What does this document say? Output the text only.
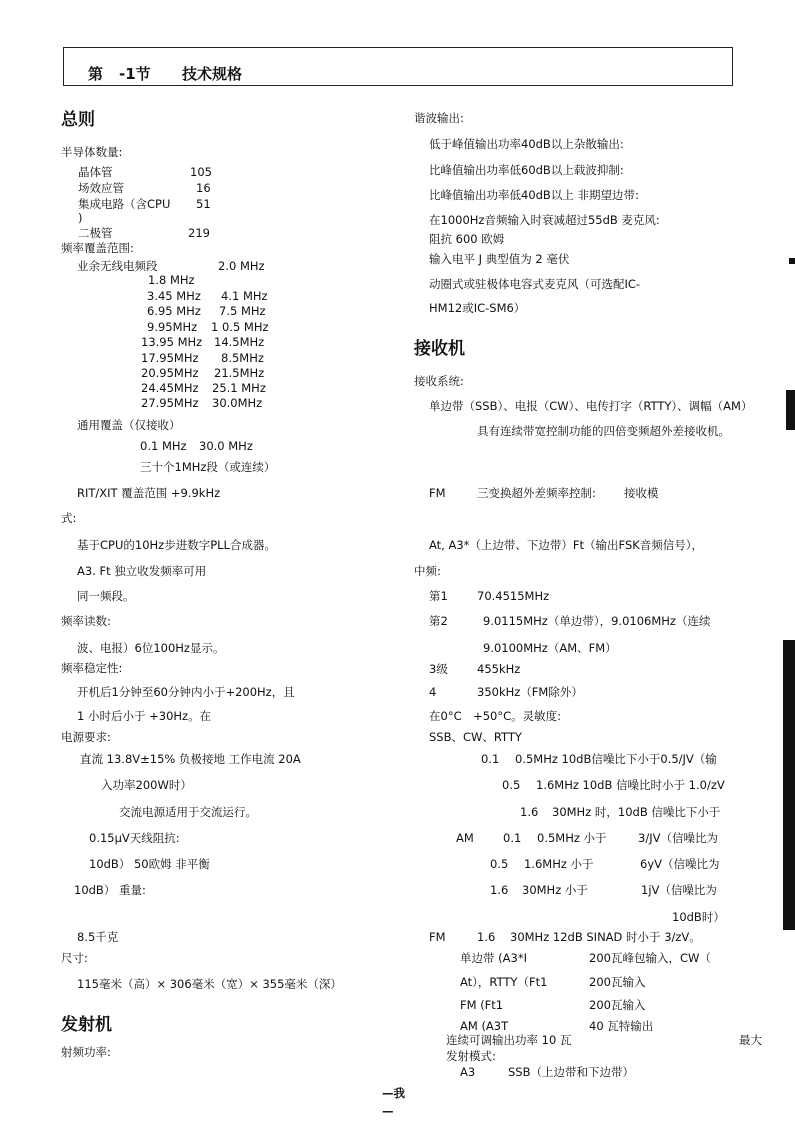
第 -1节 技术规格
总则
半导体数量:
晶体管	105
场效应管	16
集成电路（含CPU 51
)
二极管	219
频率覆盖范围:
业余无线电频段	2.0 MHz
1.8 MHz
3.45 MHz 4.1 MHz
6.95 MHz 7.5 MHz
9.95MHz 1 0.5 MHz
13.95 MHz 14.5MHz
17.95MHz 8.5MHz
20.95MHz 21.5MHz
24.45MHz 25.1 MHz
27.95MHz 30.0MHz
通用覆盖（仅接收）
0.1 MHz 30.0 MHz
三十个1MHz段（或连续）
RIT/XIT 覆盖范围 +9.9kHz
式:
基于CPU的10Hz步进数字PLL合成器。
A3. Ft 独立收发频率可用
同一频段。
频率读数:
波、电报）6位100Hz显示。
频率稳定性:
开机后1分钟至60分钟内小于+200Hz，且
1 小时后小于 +30Hz。在
电源要求:
直流 13.8V±15% 负极接地 工作电流 20A
入功率200W时）
交流电源适用于交流运行。
0.15μV天线阻抗:
10dB） 50欧姆 非平衡
10dB） 重量:
8.5千克
尺寸:
115毫米（高）× 306毫米（宽）× 355毫米（深）
发射机
射频功率:
谐波输出:
低于峰值输出功率40dB以上杂散输出:
比峰值输出功率低60dB以上载波抑制:
比峰值输出功率低40dB以上 非期望边带:
在1000Hz音频输入时衰减超过55dB 麦克风:
阻抗 600 欧姆
输入电平 J 典型值为 2 毫伏
动圈式或驻极体电容式麦克风（可选配IC-
HM12或IC-SM6）
接收机
接收系统:
单边带（SSB）、电报（CW）、电传打字（RTTY）、调幅（AM）
具有连续带宽控制功能的四倍变频超外差接收机。
FM	三变换超外差频率控制: 接收模
At, A3*（上边带、下边带）Ft（输出FSK音频信号），
中频:
第1	70.4515MHz
第2	9.0115MHz（单边带），9.0106MHz（连续
9.0100MHz（AM、FM）
3级	455kHz
4	350kHz（FM除外）
在0°C　+50°C。灵敏度:
SSB、CW、RTTY
0.1 0.5MHz 10dB信噪比下小于0.5/JV（输
0.5 1.6MHz 10dB 信噪比时小于 1.0/zV
1.6 30MHz 时，10dB 信噪比下小于
AM	0.1 0.5MHz 小于	3/JV（信噪比为
0.5 1.6MHz 小于	6yV（信噪比为
1.6 30MHz 小于	1jV（信噪比为
10dB时）
FM	1.6 30MHz 12dB SINAD 时小于 3/zV。
单边带 (A3*I	200瓦峰包输入，CW（
At），RTTY（Ft1	200瓦输入
FM (Ft1	200瓦输入
AM (A3T	40 瓦特输出
连续可调输出功率 10 瓦	最大
发射模式:
A3	SSB（上边带和下边带）
—我
—
